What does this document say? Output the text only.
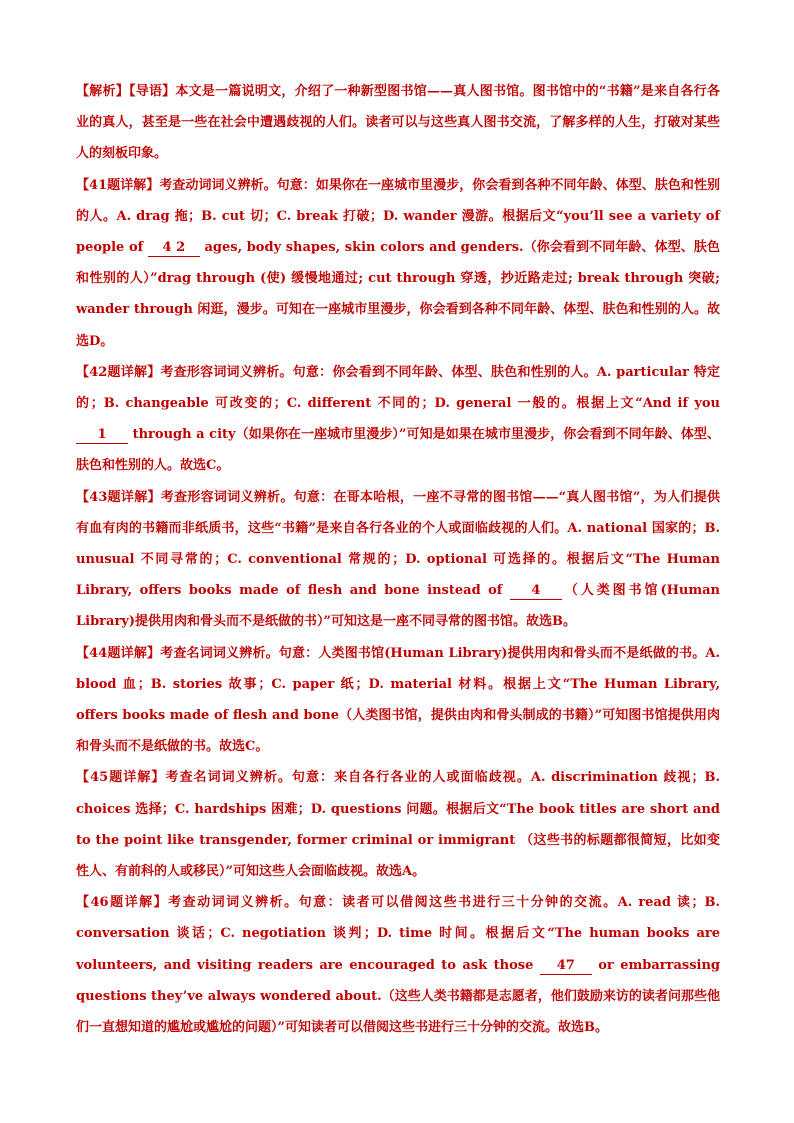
【解析】【导语】本文是一篇说明文，介绍了一种新型图书馆——真人图书馆。图书馆中的“书籍”是来自各行各业的真人，甚至是一些在社会中遭遇歧视的人们。读者可以与这些真人图书交流，了解多样的人生，打破对某些人的刻板印象。

【41题详解】考查动词词义辨析。句意：如果你在一座城市里漫步，你会看到各种不同年龄、体型、肤色和性别的人。A. drag 拖；B. cut 切；C. break 打破；D. wander 漫游。根据后文“you’ll see a variety of people of 4 2 ages, body shapes, skin colors and genders.（你会看到不同年龄、体型、肤色和性别的人）”drag through (使) 缓慢地通过; cut through 穿透，抄近路走过; break through 突破; wander through 闲逛，漫步。可知在一座城市里漫步，你会看到各种不同年龄、体型、肤色和性别的人。故选D。

【42题详解】考查形容词词义辨析。句意：你会看到不同年龄、体型、肤色和性别的人。A. particular 特定的；B. changeable 可改变的；C. different 不同的；D. general 一般的。根据上文“And if you 1 through a city（如果你在一座城市里漫步）”可知是如果在城市里漫步，你会看到不同年龄、体型、肤色和性别的人。故选C。

【43题详解】考查形容词词义辨析。句意：在哥本哈根，一座不寻常的图书馆——“真人图书馆”，为人们提供有血有肉的书籍而非纸质书，这些“书籍”是来自各行各业的个人或面临歧视的人们。A. national 国家的；B. unusual 不同寻常的；C. conventional 常规的；D. optional 可选择的。根据后文“The Human Library, offers books made of flesh and bone instead of 4 （人类图书馆(Human Library)提供用肉和骨头而不是纸做的书）”可知这是一座不同寻常的图书馆。故选B。

【44题详解】考查名词词义辨析。句意：人类图书馆(Human Library)提供用肉和骨头而不是纸做的书。A. blood 血；B. stories 故事；C. paper 纸；D. material 材料。根据上文“The Human Library, offers books made of flesh and bone（人类图书馆，提供由肉和骨头制成的书籍）”可知图书馆提供用肉和骨头而不是纸做的书。故选C。

【45题详解】考查名词词义辨析。句意：来自各行各业的人或面临歧视。A. discrimination 歧视；B. choices 选择；C. hardships 困难；D. questions 问题。根据后文“The book titles are short and to the point like transgender, former criminal or immigrant （这些书的标题都很简短，比如变性人、有前科的人或移民）”可知这些人会面临歧视。故选A。

【46题详解】考查动词词义辨析。句意：读者可以借阅这些书进行三十分钟的交流。A. read 读；B. conversation 谈话；C. negotiation 谈判；D. time 时间。根据后文“The human books are volunteers, and visiting readers are encouraged to ask those 47 or embarrassing questions they’ve always wondered about.（这些人类书籍都是志愿者，他们鼓励来访的读者问那些他们一直想知道的尴尬或尴尬的问题）”可知读者可以借阅这些书进行三十分钟的交流。故选B。
